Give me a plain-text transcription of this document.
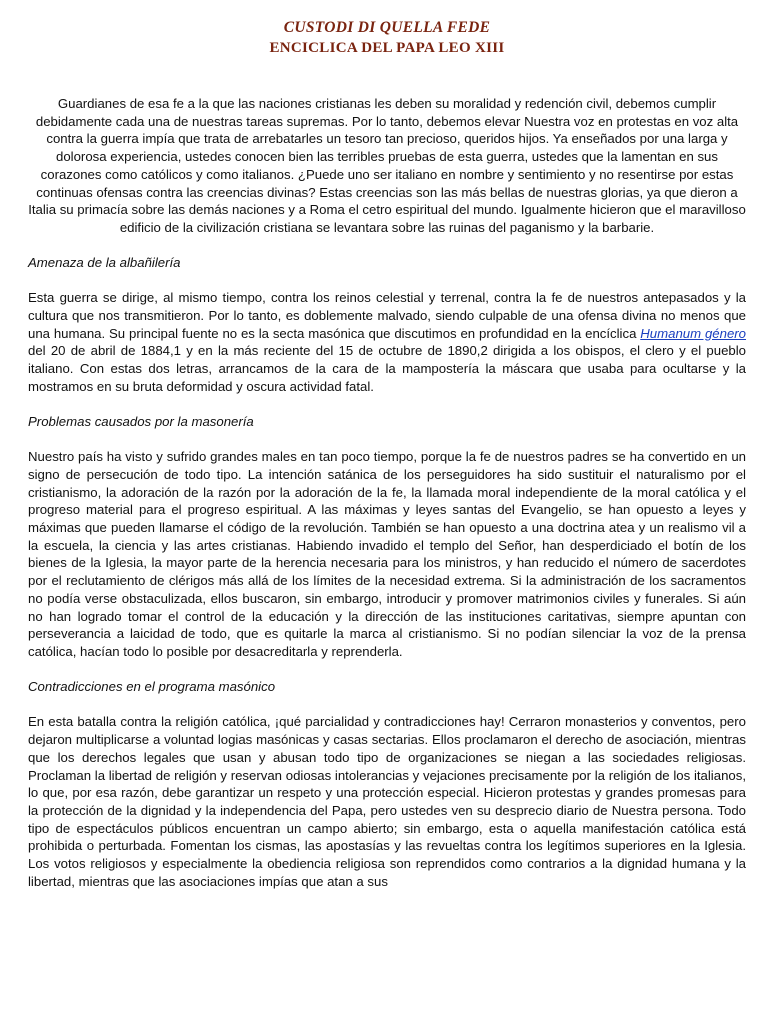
CUSTODI DI QUELLA FEDE
ENCICLICA DEL PAPA LEO XIII

Guardianes de esa fe a la que las naciones cristianas les deben su moralidad y redención civil, debemos cumplir debidamente cada una de nuestras tareas supremas. Por lo tanto, debemos elevar Nuestra voz en protestas en voz alta contra la guerra impía que trata de arrebatarles un tesoro tan precioso, queridos hijos. Ya enseñados por una larga y dolorosa experiencia, ustedes conocen bien las terribles pruebas de esta guerra, ustedes que la lamentan en sus corazones como católicos y como italianos. ¿Puede uno ser italiano en nombre y sentimiento y no resentirse por estas continuas ofensas contra las creencias divinas? Estas creencias son las más bellas de nuestras glorias, ya que dieron a Italia su primacía sobre las demás naciones y a Roma el cetro espiritual del mundo. Igualmente hicieron que el maravilloso edificio de la civilización cristiana se levantara sobre las ruinas del paganismo y la barbarie.

Amenaza de la albañilería

Esta guerra se dirige, al mismo tiempo, contra los reinos celestial y terrenal, contra la fe de nuestros antepasados y la cultura que nos transmitieron. Por lo tanto, es doblemente malvado, siendo culpable de una ofensa divina no menos que una humana. Su principal fuente no es la secta masónica que discutimos en profundidad en la encíclica Humanum género del 20 de abril de 1884,1 y en la más reciente del 15 de octubre de 1890,2 dirigida a los obispos, el clero y el pueblo italiano. Con estas dos letras, arrancamos de la cara de la mampostería la máscara que usaba para ocultarse y la mostramos en su bruta deformidad y oscura actividad fatal.

Problemas causados por la masonería

Nuestro país ha visto y sufrido grandes males en tan poco tiempo, porque la fe de nuestros padres se ha convertido en un signo de persecución de todo tipo. La intención satánica de los perseguidores ha sido sustituir el naturalismo por el cristianismo, la adoración de la razón por la adoración de la fe, la llamada moral independiente de la moral católica y el progreso material para el progreso espiritual. A las máximas y leyes santas del Evangelio, se han opuesto a leyes y máximas que pueden llamarse el código de la revolución. También se han opuesto a una doctrina atea y un realismo vil a la escuela, la ciencia y las artes cristianas. Habiendo invadido el templo del Señor, han desperdiciado el botín de los bienes de la Iglesia, la mayor parte de la herencia necesaria para los ministros, y han reducido el número de sacerdotes por el reclutamiento de clérigos más allá de los límites de la necesidad extrema. Si la administración de los sacramentos no podía verse obstaculizada, ellos buscaron, sin embargo, introducir y promover matrimonios civiles y funerales. Si aún no han logrado tomar el control de la educación y la dirección de las instituciones caritativas, siempre apuntan con perseverancia a laicidad de todo, que es quitarle la marca al cristianismo. Si no podían silenciar la voz de la prensa católica, hacían todo lo posible por desacreditarla y reprenderla.

Contradicciones en el programa masónico

En esta batalla contra la religión católica, ¡qué parcialidad y contradicciones hay! Cerraron monasterios y conventos, pero dejaron multiplicarse a voluntad logias masónicas y casas sectarias. Ellos proclamaron el derecho de asociación, mientras que los derechos legales que usan y abusan todo tipo de organizaciones se niegan a las sociedades religiosas. Proclaman la libertad de religión y reservan odiosas intolerancias y vejaciones precisamente por la religión de los italianos, lo que, por esa razón, debe garantizar un respeto y una protección especial. Hicieron protestas y grandes promesas para la protección de la dignidad y la independencia del Papa, pero ustedes ven su desprecio diario de Nuestra persona. Todo tipo de espectáculos públicos encuentran un campo abierto; sin embargo, esta o aquella manifestación católica está prohibida o perturbada. Fomentan los cismas, las apostasías y las revueltas contra los legítimos superiores en la Iglesia. Los votos religiosos y especialmente la obediencia religiosa son reprendidos como contrarios a la dignidad humana y la libertad, mientras que las asociaciones impías que atan a sus
